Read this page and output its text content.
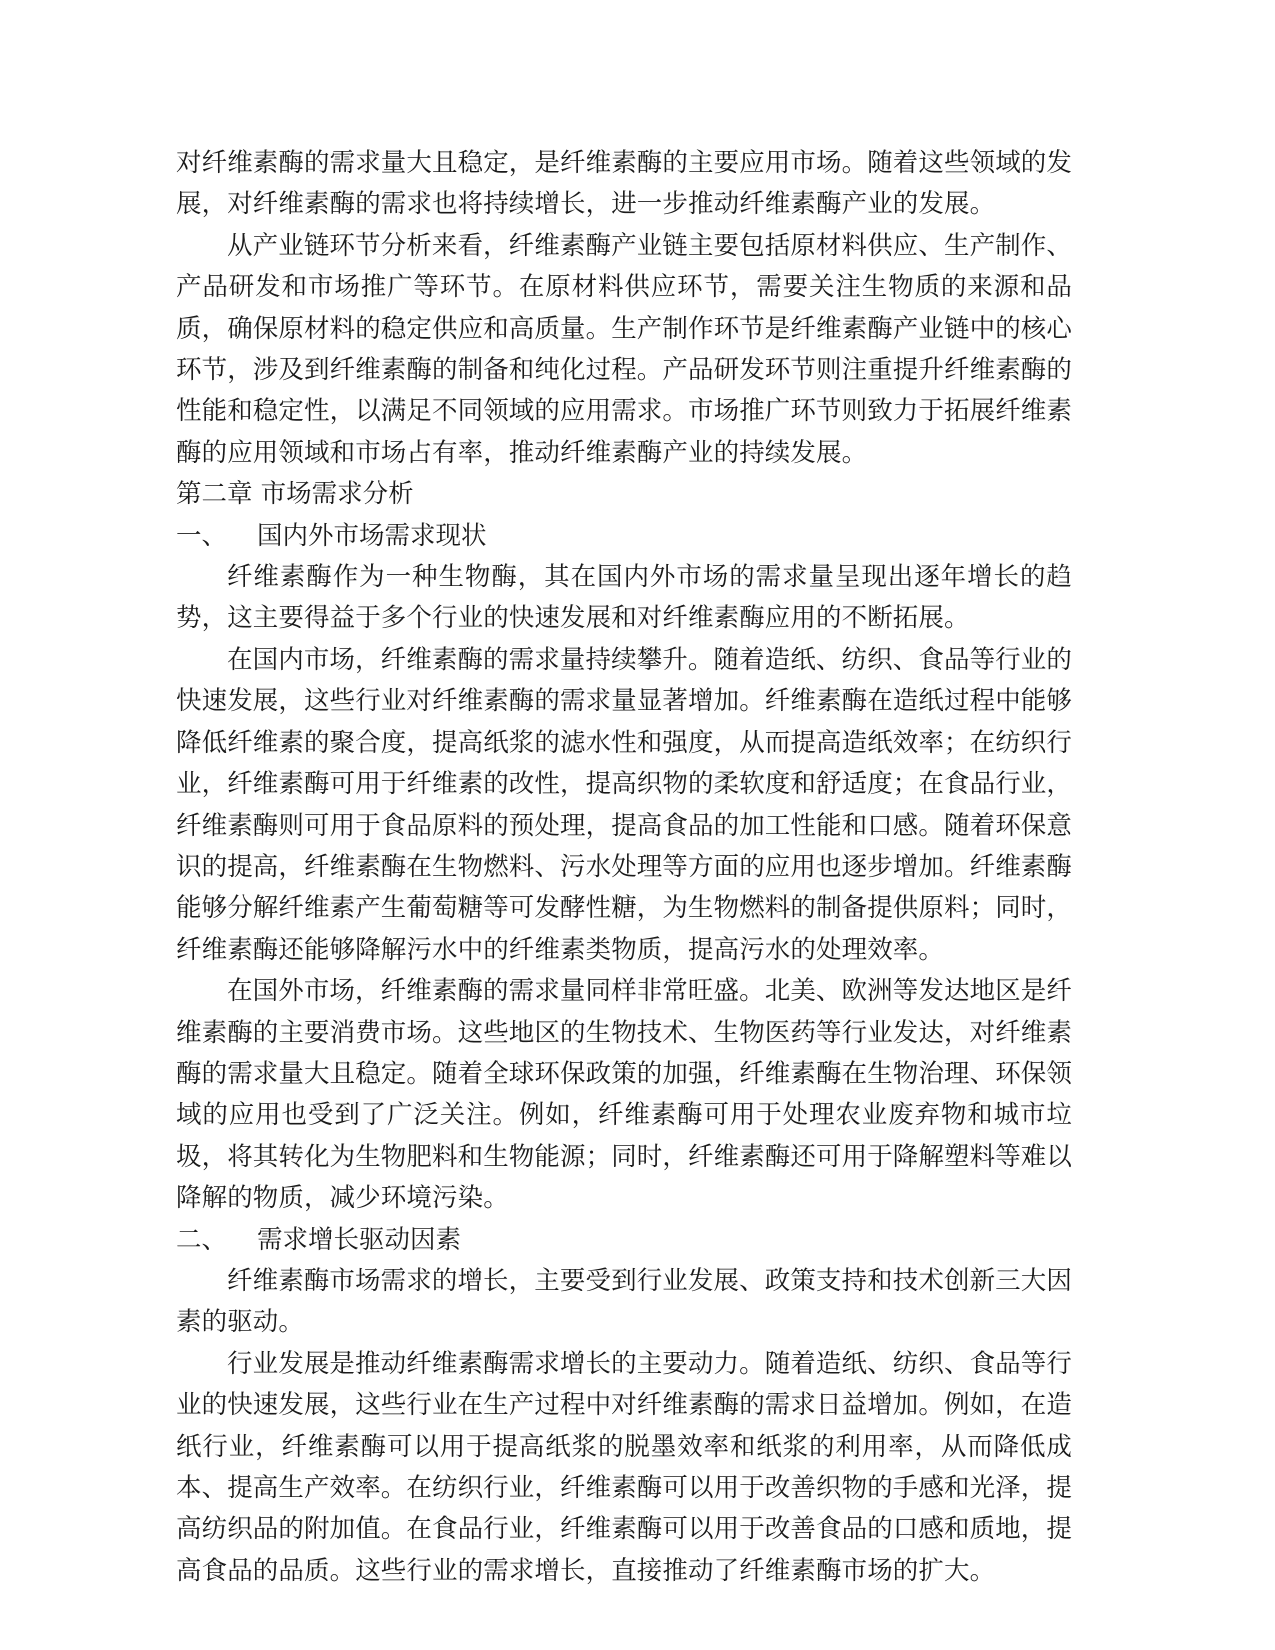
对纤维素酶的需求量大且稳定，是纤维素酶的主要应用市场。随着这些领域的发展，对纤维素酶的需求也将持续增长，进一步推动纤维素酶产业的发展。

从产业链环节分析来看，纤维素酶产业链主要包括原材料供应、生产制作、产品研发和市场推广等环节。在原材料供应环节，需要关注生物质的来源和品质，确保原材料的稳定供应和高质量。生产制作环节是纤维素酶产业链中的核心环节，涉及到纤维素酶的制备和纯化过程。产品研发环节则注重提升纤维素酶的性能和稳定性，以满足不同领域的应用需求。市场推广环节则致力于拓展纤维素酶的应用领域和市场占有率，推动纤维素酶产业的持续发展。

第二章 市场需求分析

一、 国内外市场需求现状

纤维素酶作为一种生物酶，其在国内外市场的需求量呈现出逐年增长的趋势，这主要得益于多个行业的快速发展和对纤维素酶应用的不断拓展。

在国内市场，纤维素酶的需求量持续攀升。随着造纸、纺织、食品等行业的快速发展，这些行业对纤维素酶的需求量显著增加。纤维素酶在造纸过程中能够降低纤维素的聚合度，提高纸浆的滤水性和强度，从而提高造纸效率；在纺织行业，纤维素酶可用于纤维素的改性，提高织物的柔软度和舒适度；在食品行业，纤维素酶则可用于食品原料的预处理，提高食品的加工性能和口感。随着环保意识的提高，纤维素酶在生物燃料、污水处理等方面的应用也逐步增加。纤维素酶能够分解纤维素产生葡萄糖等可发酵性糖，为生物燃料的制备提供原料；同时，纤维素酶还能够降解污水中的纤维素类物质，提高污水的处理效率。

在国外市场，纤维素酶的需求量同样非常旺盛。北美、欧洲等发达地区是纤维素酶的主要消费市场。这些地区的生物技术、生物医药等行业发达，对纤维素酶的需求量大且稳定。随着全球环保政策的加强，纤维素酶在生物治理、环保领域的应用也受到了广泛关注。例如，纤维素酶可用于处理农业废弃物和城市垃圾，将其转化为生物肥料和生物能源；同时，纤维素酶还可用于降解塑料等难以降解的物质，减少环境污染。

二、 需求增长驱动因素

纤维素酶市场需求的增长，主要受到行业发展、政策支持和技术创新三大因素的驱动。

行业发展是推动纤维素酶需求增长的主要动力。随着造纸、纺织、食品等行业的快速发展，这些行业在生产过程中对纤维素酶的需求日益增加。例如，在造纸行业，纤维素酶可以用于提高纸浆的脱墨效率和纸浆的利用率，从而降低成本、提高生产效率。在纺织行业，纤维素酶可以用于改善织物的手感和光泽，提高纺织品的附加值。在食品行业，纤维素酶可以用于改善食品的口感和质地，提高食品的品质。这些行业的需求增长，直接推动了纤维素酶市场的扩大。
